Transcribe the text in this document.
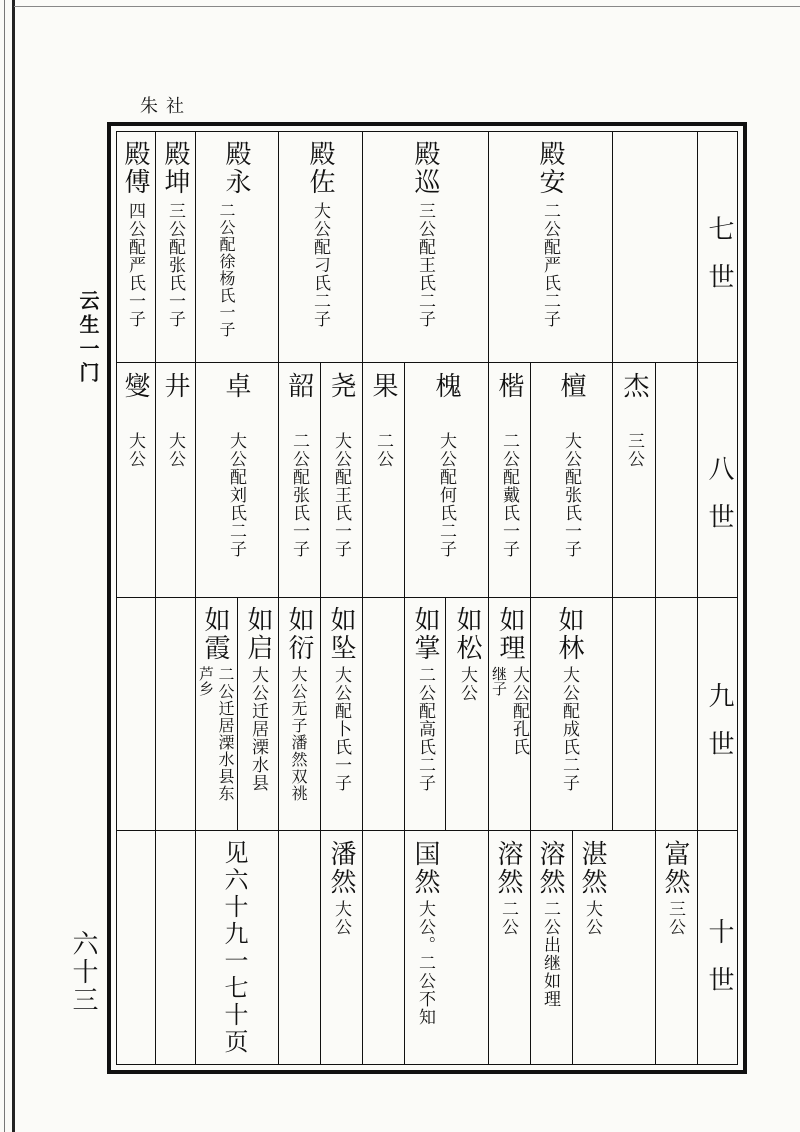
朱社
云生一门
六十三
七世
八世
九世
十世
殿安
二公配严氏二子
殿巡
三公配王氏二子
殿佐
大公配刁氏二子
殿永
二公配徐杨氏一子
殿坤
三公配张氏一子
殿傅
四公配严氏一子
杰
三公
檀
大公配张氏一子
楷
二公配戴氏一子
槐
大公配何氏二子
果
二公
尧
大公配王氏一子
韶
二公配张氏一子
卓
大公配刘氏二子
井
大公
燮
大公
如林
大公配成氏二子
如理
大公配孔氏
继子
如松
大公
如掌
二公配高氏二子
如坠
大公配卜氏一子
如衍
大公无子潘然双祧
如启
大公迁居溧水县
如霞
二公迁居溧水县东
芦乡
富然
三公
湛然
大公
溶然
二公出继如理
溶然
二公
国然
大公。二公不知
潘然
大公
见六十九一七十页
